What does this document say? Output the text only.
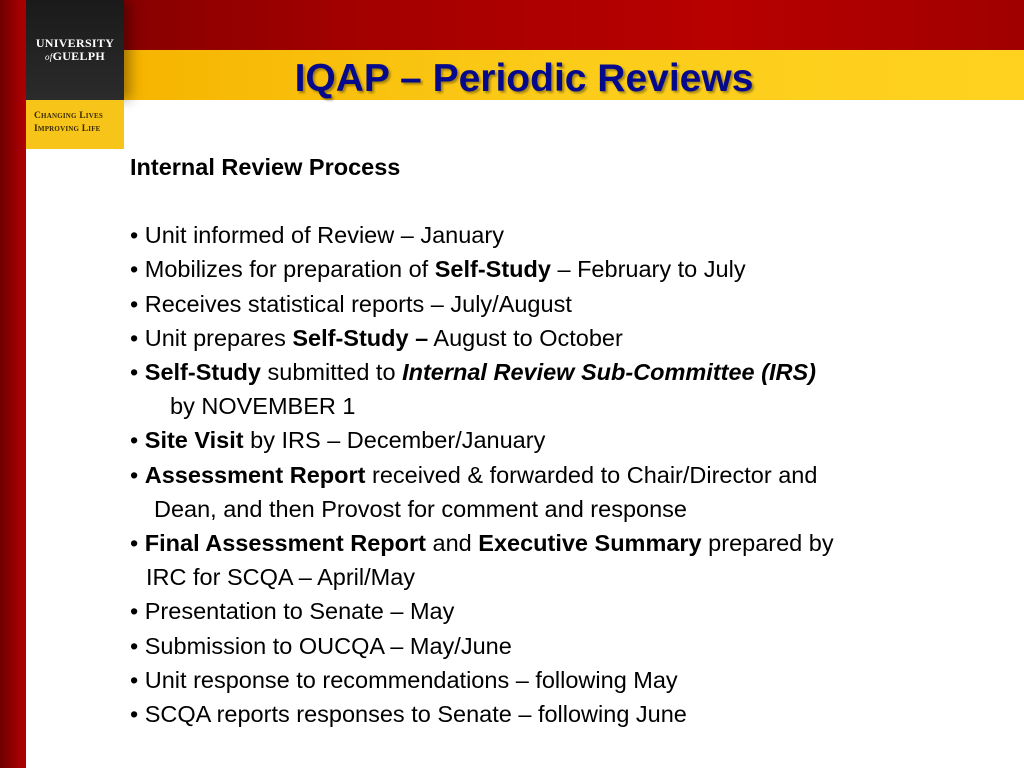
UNIVERSITY
ofGUELPH
Changing Lives
Improving Life
IQAP – Periodic Reviews
Internal Review Process
• Unit informed of Review – January
• Mobilizes for preparation of Self-Study – February to July
• Receives statistical reports – July/August
• Unit prepares Self-Study – August to October
• Self-Study submitted to Internal Review Sub-Committee (IRS)
by NOVEMBER 1
• Site Visit by IRS – December/January
• Assessment Report received & forwarded to Chair/Director and
Dean, and then Provost for comment and response
• Final Assessment Report and Executive Summary prepared by
IRC for SCQA – April/May
• Presentation to Senate – May
• Submission to OUCQA – May/June
• Unit response to recommendations – following May
• SCQA reports responses to Senate – following June
